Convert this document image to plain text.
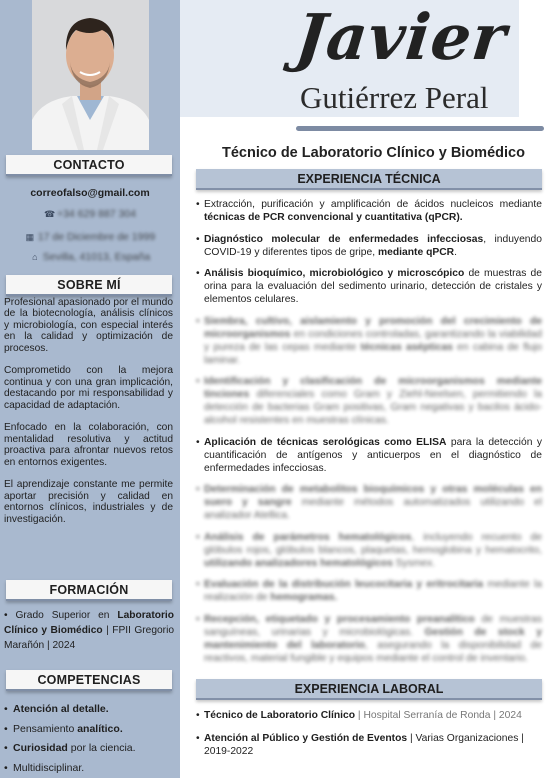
CONTACTO
correofalso@gmail.com
☎ +34 629 887 304
▦ 17 de Diciembre de 1999
⌂ Sevilla, 41013, España
SOBRE MÍ

Profesional apasionado por el mundo de la biotecnología, análisis clínicos y microbiología, con especial interés en la calidad y optimización de procesos.

Comprometido con la mejora continua y con una gran implicación, destacando por mi responsabilidad y capacidad de adaptación.

Enfocado en la colaboración, con mentalidad resolutiva y actitud proactiva para afrontar nuevos retos en entornos exigentes.

El aprendizaje constante me permite aportar precisión y calidad en entornos clínicos, industriales y de investigación.

FORMACIÓN
• Grado Superior en Laboratorio Clínico y Biomédico | FPII Gregorio Marañón | 2024
COMPETENCIAS
• Atención al detalle.
• Pensamiento analítico.
• Curiosidad por la ciencia.
• Multidisciplinar.
Javier
Gutiérrez Peral
Técnico de Laboratorio Clínico y Biomédico
EXPERIENCIA TÉCNICA
• Extracción, purificación y amplificación de ácidos nucleicos mediante técnicas de PCR convencional y cuantitativa (qPCR).
• Diagnóstico molecular de enfermedades infecciosas, induyendo COVID-19 y diferentes tipos de gripe, mediante qPCR.
• Análisis bioquímico, microbiológico y microscópico de muestras de orina para la evaluación del sedimento urinario, detección de cristales y elementos celulares.
• Siembra, cultivo, aislamiento y promoción del crecimiento de microorganismos en condiciones controladas, garantizando la viabilidad y pureza de las cepas mediante técnicas asépticas en cabina de flujo laminar.
• Identificación y clasificación de microorganismos mediante tinciones diferenciales como Gram y Ziehl-Neelsen, permitiendo la detección de bacterias Gram positivas, Gram negativas y bacilos ácido-alcohol resistentes en muestras clínicas.
• Aplicación de técnicas serológicas como ELISA para la detección y cuantificación de antígenos y anticuerpos en el diagnóstico de enfermedades infecciosas.
• Determinación de metabolitos bioquímicos y otras moléculas en suero y sangre mediante métodos automatizados utilizando el analizador Atellica.
• Análisis de parámetros hematológicos, incluyendo recuento de glóbulos rojos, glóbulos blancos, plaquetas, hemoglobina y hematocrito, utilizando analizadores hematológicos Sysmex.
• Evaluación de la distribución leucocitaria y eritrocitaria mediante la realización de hemogramas.
• Recepción, etiquetado y procesamiento preanalítico de muestras sanguíneas, urinarias y microbiológicas. Gestión de stock y mantenimiento del laboratorio, asegurando la disponibilidad de reactivos, material fungible y equipos mediante el control de inventario.
EXPERIENCIA LABORAL
• Técnico de Laboratorio Clínico | Hospital Serranía de Ronda | 2024
• Atención al Público y Gestión de Eventos | Varias Organizaciones | 2019-2022
